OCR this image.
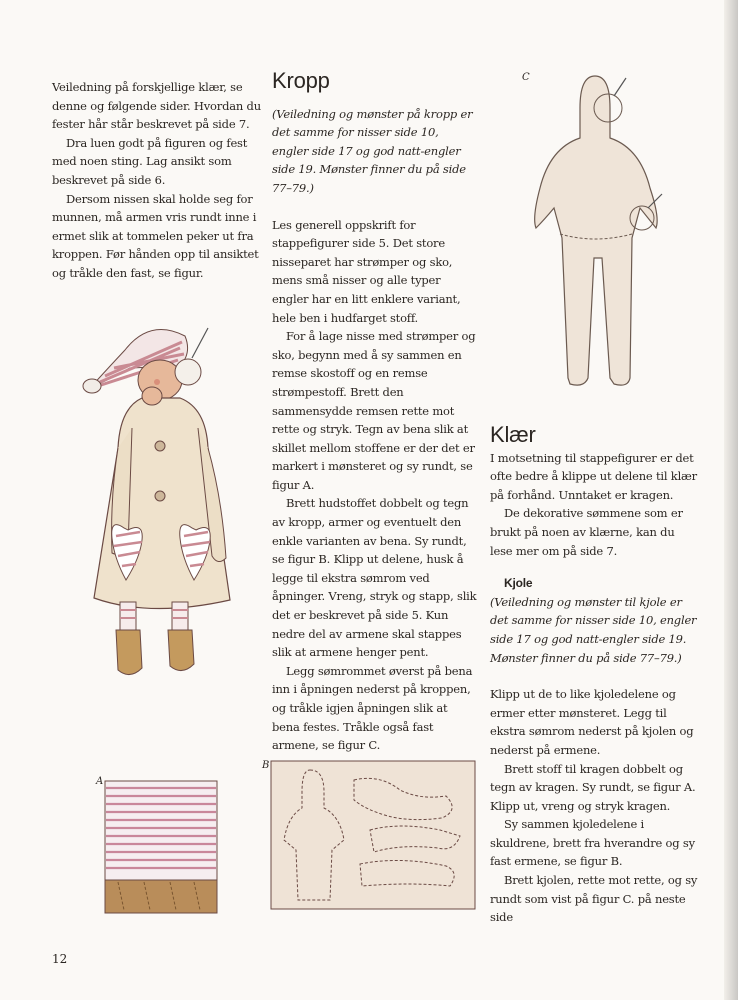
Veiledning på forskjellige klær, se denne og følgende sider. Hvordan du fester hår står beskrevet på side 7.

Dra luen godt på figuren og fest med noen sting. Lag ansikt som beskrevet på side 6.

Dersom nissen skal holde seg for munnen, må armen vris rundt inne i ermet slik at tommelen peker ut fra kroppen. Før hånden opp til ansiktet og tråkle den fast, se figur.

Kropp

(Veiledning og mønster på kropp er det samme for nisser side 10, engler side 17 og god natt-engler side 19. Mønster finner du på side 77–79.)

Les generell oppskrift for stappefigurer side 5. Det store nisseparet har strømper og sko, mens små nisser og alle typer engler har en litt enklere variant, hele ben i hudfarget stoff.

For å lage nisse med strømper og sko, begynn med å sy sammen en remse skostoff og en remse strømpestoff. Brett den sammensydde remsen rette mot rette og stryk. Tegn av bena slik at skillet mellom stoffene er der det er markert i mønsteret og sy rundt, se figur A.

Brett hudstoffet dobbelt og tegn av kropp, armer og eventuelt den enkle varianten av bena. Sy rundt, se figur B. Klipp ut delene, husk å legge til ekstra sømrom ved åpninger. Vreng, stryk og stapp, slik det er beskrevet på side 5. Kun nedre del av armene skal stappes slik at armene henger pent.

Legg sømrommet øverst på bena inn i åpningen nederst på kroppen, og tråkle igjen åpningen slik at bena festes. Tråkle også fast armene, se figur C.

Klær

I motsetning til stappefigurer er det ofte bedre å klippe ut delene til klær på forhånd. Unntaket er kragen.

De dekorative sømmene som er brukt på noen av klærne, kan du lese mer om på side 7.

Kjole

(Veiledning og mønster til kjole er det samme for nisser side 10, engler side 17 og god natt-engler side 19. Mønster finner du på side 77–79.)

Klipp ut de to like kjoledelene og ermer etter mønsteret. Legg til ekstra sømrom nederst på kjolen og nederst på ermene.

Brett stoff til kragen dobbelt og tegn av kragen. Sy rundt, se figur A. Klipp ut, vreng og stryk kragen.

Sy sammen kjoledelene i skuldrene, brett fra hverandre og sy fast ermene, se figur B.

Brett kjolen, rette mot rette, og sy rundt som vist på figur C. på neste side

C
A
B
12
